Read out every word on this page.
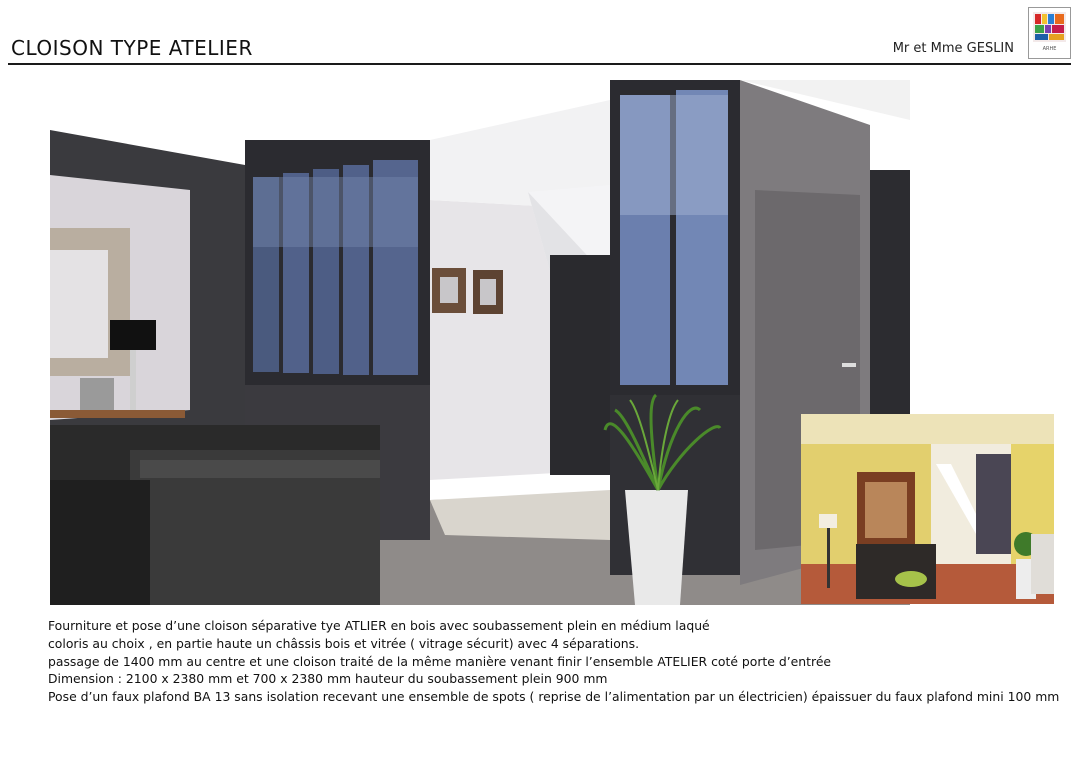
CLOISON TYPE ATELIER	Mr et Mme GESLIN	ARHE
Fourniture et pose d’une cloison séparative tye ATLIER en bois avec soubassement plein en médium laqué
coloris au choix , en partie haute un châssis bois et vitrée ( vitrage sécurit) avec 4 séparations.
passage de 1400 mm au centre et une cloison traité de la même manière venant finir l’ensemble ATELIER coté porte d’entrée
Dimension : 2100 x 2380 mm et 700 x 2380 mm hauteur du soubassement plein 900 mm
Pose d’un faux plafond BA 13 sans isolation recevant une ensemble de spots ( reprise de l’alimentation par un électricien) épaissuer du faux plafond mini 100 mm
